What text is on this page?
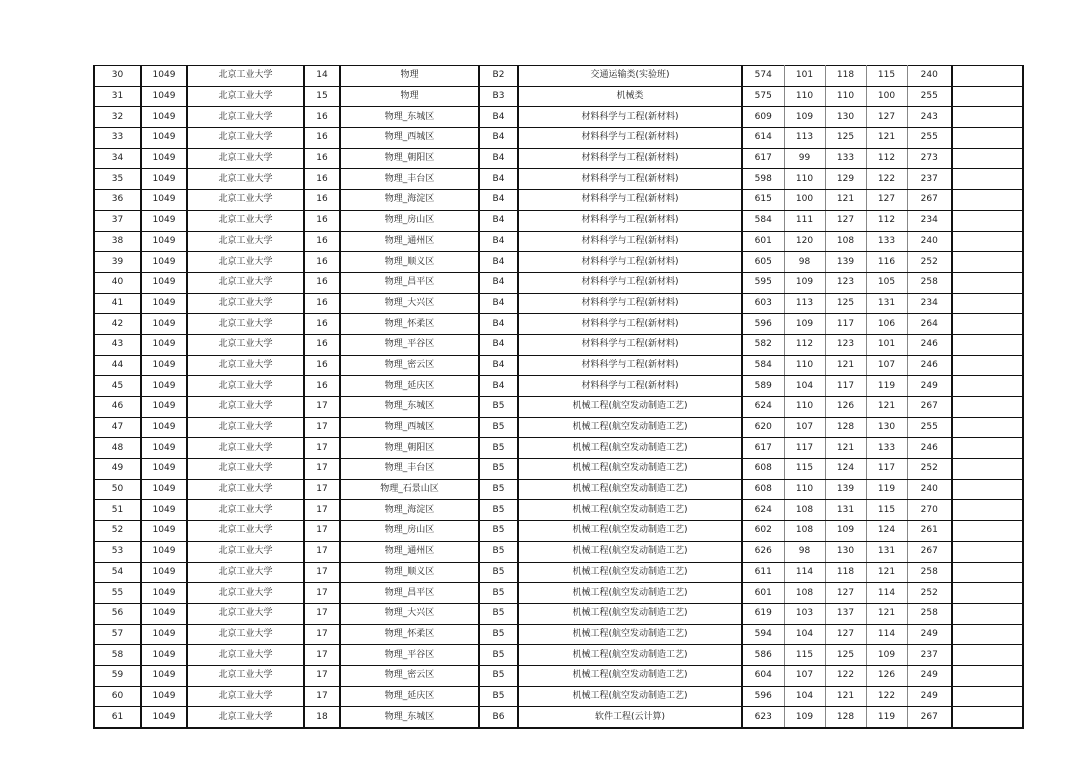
30	1049	北京工业大学	14	物理	B2	交通运输类(实验班)	574	101	118	115	240	
31	1049	北京工业大学	15	物理	B3	机械类	575	110	110	100	255	
32	1049	北京工业大学	16	物理_东城区	B4	材料科学与工程(新材料)	609	109	130	127	243	
33	1049	北京工业大学	16	物理_西城区	B4	材料科学与工程(新材料)	614	113	125	121	255	
34	1049	北京工业大学	16	物理_朝阳区	B4	材料科学与工程(新材料)	617	99	133	112	273	
35	1049	北京工业大学	16	物理_丰台区	B4	材料科学与工程(新材料)	598	110	129	122	237	
36	1049	北京工业大学	16	物理_海淀区	B4	材料科学与工程(新材料)	615	100	121	127	267	
37	1049	北京工业大学	16	物理_房山区	B4	材料科学与工程(新材料)	584	111	127	112	234	
38	1049	北京工业大学	16	物理_通州区	B4	材料科学与工程(新材料)	601	120	108	133	240	
39	1049	北京工业大学	16	物理_顺义区	B4	材料科学与工程(新材料)	605	98	139	116	252	
40	1049	北京工业大学	16	物理_昌平区	B4	材料科学与工程(新材料)	595	109	123	105	258	
41	1049	北京工业大学	16	物理_大兴区	B4	材料科学与工程(新材料)	603	113	125	131	234	
42	1049	北京工业大学	16	物理_怀柔区	B4	材料科学与工程(新材料)	596	109	117	106	264	
43	1049	北京工业大学	16	物理_平谷区	B4	材料科学与工程(新材料)	582	112	123	101	246	
44	1049	北京工业大学	16	物理_密云区	B4	材料科学与工程(新材料)	584	110	121	107	246	
45	1049	北京工业大学	16	物理_延庆区	B4	材料科学与工程(新材料)	589	104	117	119	249	
46	1049	北京工业大学	17	物理_东城区	B5	机械工程(航空发动制造工艺)	624	110	126	121	267	
47	1049	北京工业大学	17	物理_西城区	B5	机械工程(航空发动制造工艺)	620	107	128	130	255	
48	1049	北京工业大学	17	物理_朝阳区	B5	机械工程(航空发动制造工艺)	617	117	121	133	246	
49	1049	北京工业大学	17	物理_丰台区	B5	机械工程(航空发动制造工艺)	608	115	124	117	252	
50	1049	北京工业大学	17	物理_石景山区	B5	机械工程(航空发动制造工艺)	608	110	139	119	240	
51	1049	北京工业大学	17	物理_海淀区	B5	机械工程(航空发动制造工艺)	624	108	131	115	270	
52	1049	北京工业大学	17	物理_房山区	B5	机械工程(航空发动制造工艺)	602	108	109	124	261	
53	1049	北京工业大学	17	物理_通州区	B5	机械工程(航空发动制造工艺)	626	98	130	131	267	
54	1049	北京工业大学	17	物理_顺义区	B5	机械工程(航空发动制造工艺)	611	114	118	121	258	
55	1049	北京工业大学	17	物理_昌平区	B5	机械工程(航空发动制造工艺)	601	108	127	114	252	
56	1049	北京工业大学	17	物理_大兴区	B5	机械工程(航空发动制造工艺)	619	103	137	121	258	
57	1049	北京工业大学	17	物理_怀柔区	B5	机械工程(航空发动制造工艺)	594	104	127	114	249	
58	1049	北京工业大学	17	物理_平谷区	B5	机械工程(航空发动制造工艺)	586	115	125	109	237	
59	1049	北京工业大学	17	物理_密云区	B5	机械工程(航空发动制造工艺)	604	107	122	126	249	
60	1049	北京工业大学	17	物理_延庆区	B5	机械工程(航空发动制造工艺)	596	104	121	122	249	
61	1049	北京工业大学	18	物理_东城区	B6	软件工程(云计算)	623	109	128	119	267	
